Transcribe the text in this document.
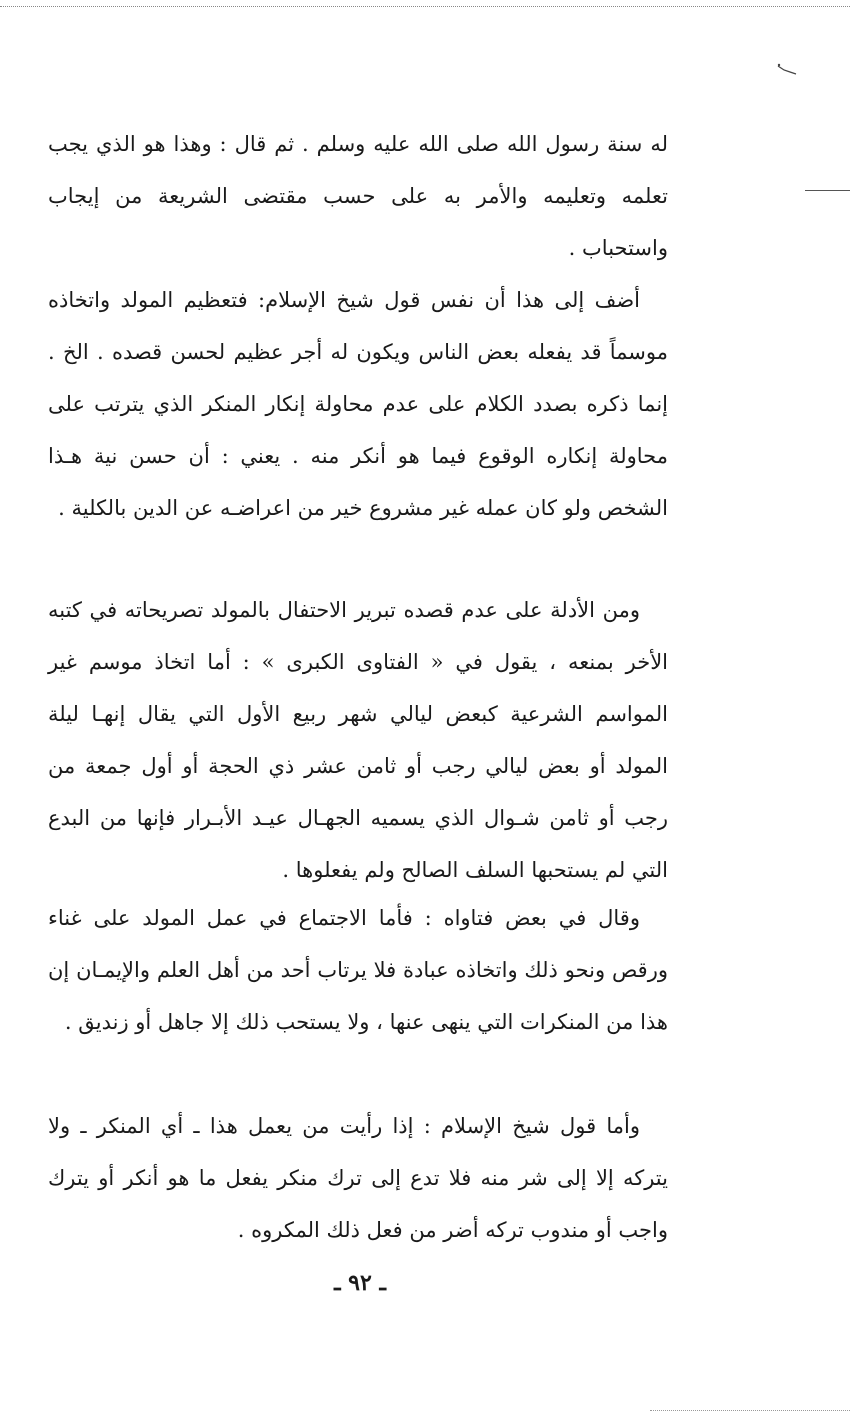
له سنة رسول الله صلى الله عليه وسلم . ثم قال : وهذا هو الذي يجب تعلمه وتعليمه والأمر به على حسب مقتضى الشريعة من إيجاب واستحباب .

أضف إلى هذا أن نفس قول شيخ الإسلام: فتعظيم المولد واتخاذه موسماً قد يفعله بعض الناس ويكون له أجر عظيم لحسن قصده . الخ . إنما ذكره بصدد الكلام على عدم محاولة إنكار المنكر الذي يترتب على محاولة إنكاره الوقوع فيما هو أنكر منه . يعني : أن حسن نية هـذا الشخص ولو كان عمله غير مشروع خير من اعراضـه عن الدين بالكلية .

ومن الأدلة على عدم قصده تبرير الاحتفال بالمولد تصريحاته في كتبه الأخر بمنعه ، يقول في « الفتاوى الكبرى » : أما اتخاذ موسم غير المواسم الشرعية كبعض ليالي شهر ربيع الأول التي يقال إنهـا ليلة المولد أو بعض ليالي رجب أو ثامن عشر ذي الحجة أو أول جمعة من رجب أو ثامن شـوال الذي يسميه الجهـال عيـد الأبـرار فإنها من البدع التي لم يستحبها السلف الصالح ولم يفعلوها .

وقال في بعض فتاواه : فأما الاجتماع في عمل المولد على غناء ورقص ونحو ذلك واتخاذه عبادة فلا يرتاب أحد من أهل العلم والإيمـان إن هذا من المنكرات التي ينهى عنها ، ولا يستحب ذلك إلا جاهل أو زنديق .

وأما قول شيخ الإسلام : إذا رأيت من يعمل هذا ـ أي المنكر ـ ولا يتركه إلا إلى شر منه فلا تدع إلى ترك منكر يفعل ما هو أنكر أو يترك واجب أو مندوب تركه أضر من فعل ذلك المكروه .

ـ ٩٢ ـ
